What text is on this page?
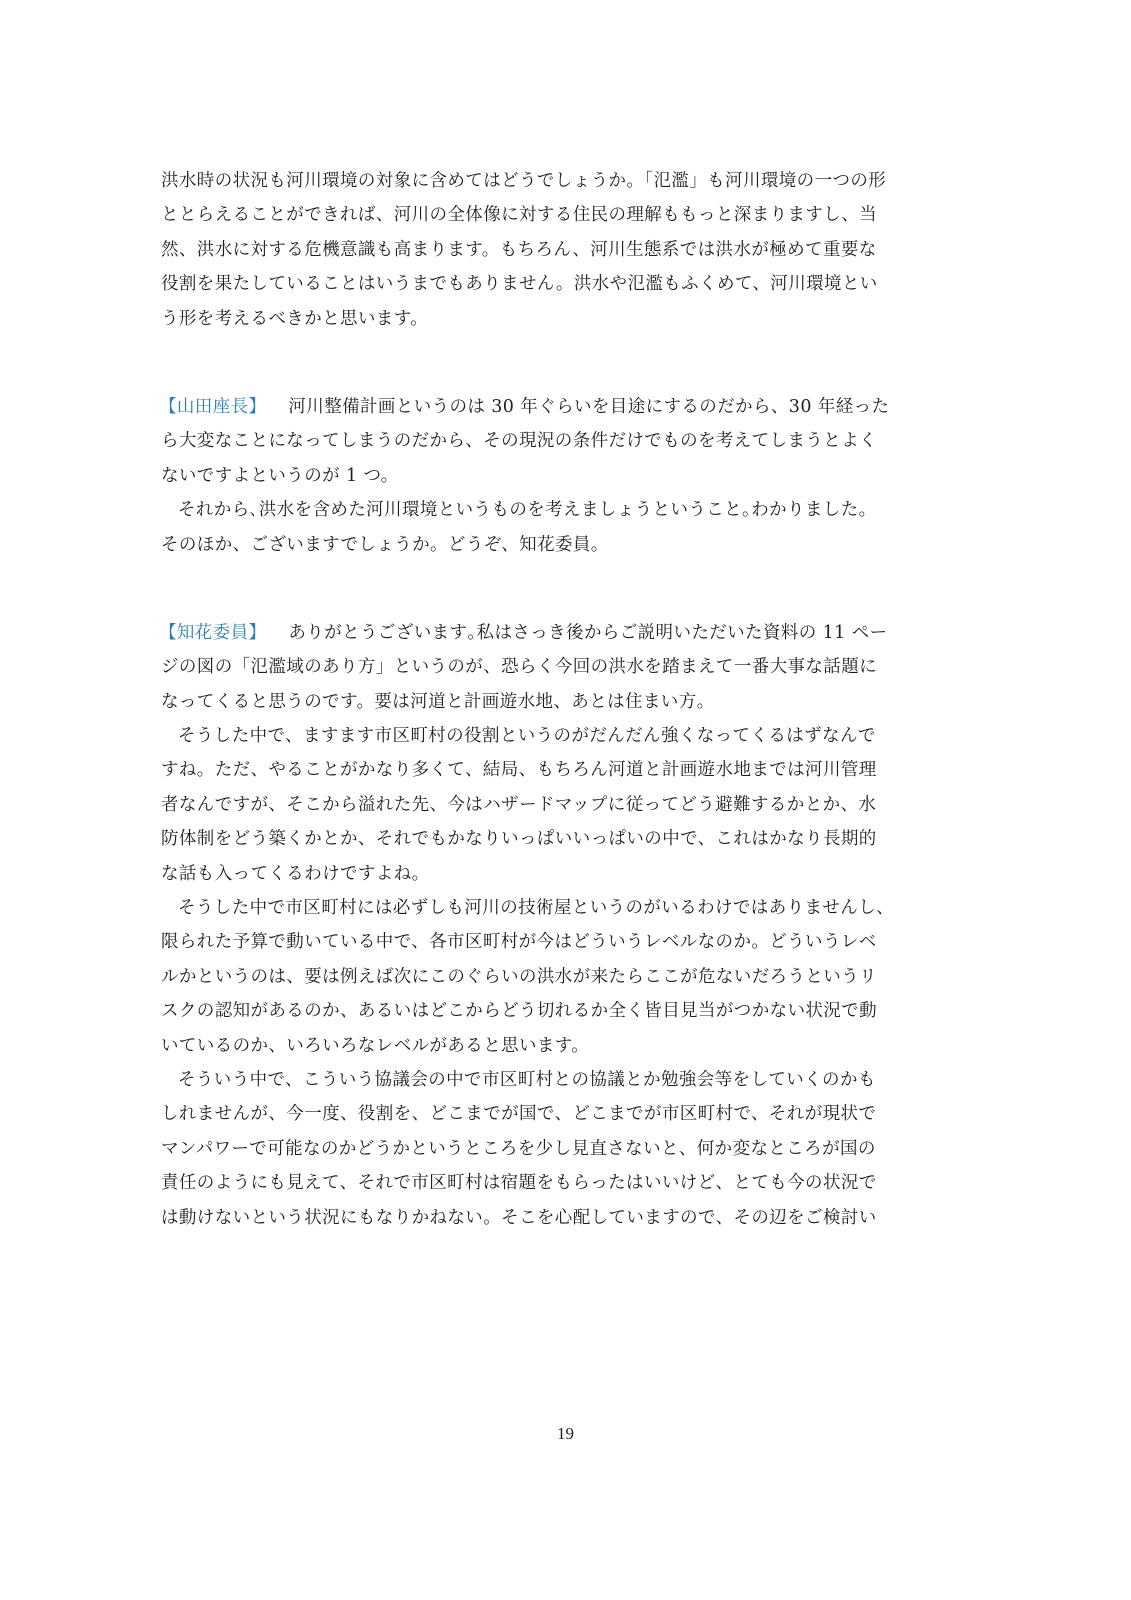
洪水時の状況も河川環境の対象に含めてはどうでしょうか。「氾濫」も河川環境の一つの形
ととらえることができれば、河川の全体像に対する住民の理解ももっと深まりますし、当
然、洪水に対する危機意識も高まります。もちろん、河川生態系では洪水が極めて重要な
役割を果たしていることはいうまでもありません。洪水や氾濫もふくめて、河川環境とい
う形を考えるべきかと思います。
【山田座長】 河川整備計画というのは 30 年ぐらいを目途にするのだから、30 年経った
ら大変なことになってしまうのだから、その現況の条件だけでものを考えてしまうとよく
ないですよというのが 1 つ。
それから､洪水を含めた河川環境というものを考えましょうということ｡わかりました。
そのほか、ございますでしょうか。どうぞ、知花委員。
【知花委員】 ありがとうございます｡私はさっき後からご説明いただいた資料の 11 ペー
ジの図の「氾濫域のあり方」というのが、恐らく今回の洪水を踏まえて一番大事な話題に
なってくると思うのです。要は河道と計画遊水地、あとは住まい方。
そうした中で、ますます市区町村の役割というのがだんだん強くなってくるはずなんで
すね。ただ、やることがかなり多くて、結局、もちろん河道と計画遊水地までは河川管理
者なんですが、そこから溢れた先、今はハザードマップに従ってどう避難するかとか、水
防体制をどう築くかとか、それでもかなりいっぱいいっぱいの中で、これはかなり長期的
な話も入ってくるわけですよね。
そうした中で市区町村には必ずしも河川の技術屋というのがいるわけではありませんし、
限られた予算で動いている中で、各市区町村が今はどういうレベルなのか。どういうレベ
ルかというのは、要は例えば次にこのぐらいの洪水が来たらここが危ないだろうというリ
スクの認知があるのか、あるいはどこからどう切れるか全く皆目見当がつかない状況で動
いているのか、いろいろなレベルがあると思います。
そういう中で、こういう協議会の中で市区町村との協議とか勉強会等をしていくのかも
しれませんが、今一度、役割を、どこまでが国で、どこまでが市区町村で、それが現状で
マンパワーで可能なのかどうかというところを少し見直さないと、何か変なところが国の
責任のようにも見えて、それで市区町村は宿題をもらったはいいけど、とても今の状況で
は動けないという状況にもなりかねない。そこを心配していますので、その辺をご検討い
19
